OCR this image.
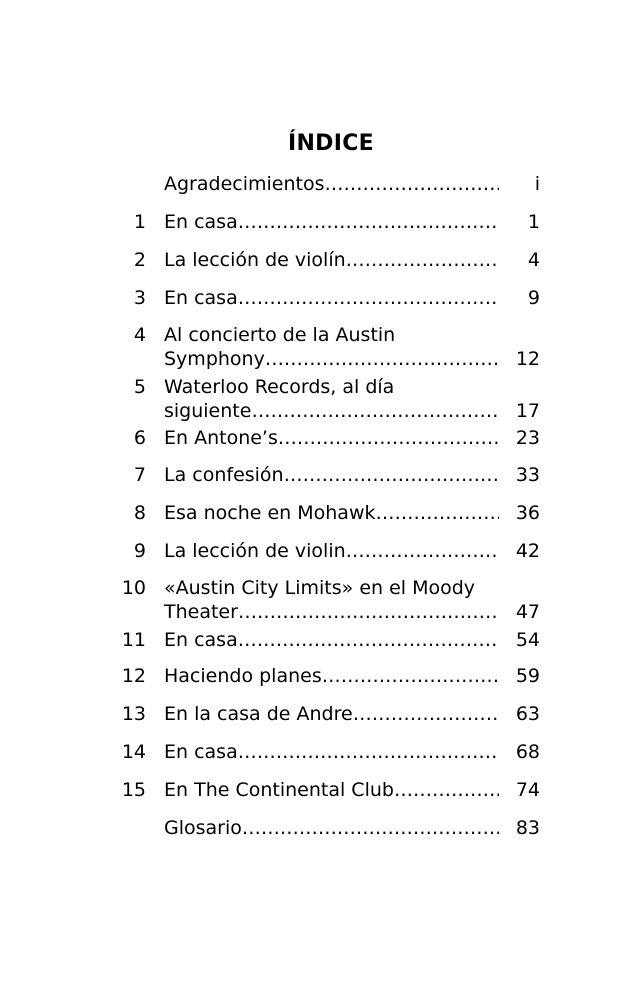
ÍNDICE
Agradecimientos ……………………………………………………………………………	i
1 En casa ……………………………………………………………………………	1
2 La lección de violín ……………………………………………………………………………	4
3 En casa ……………………………………………………………………………	9
4 Al concierto de la Austin
Symphony ……………………………………………………………………………	12
5 Waterloo Records, al día
siguiente ……………………………………………………………………………	17
6 En Antone’s ……………………………………………………………………………	23
7 La confesión ……………………………………………………………………………	33
8 Esa noche en Mohawk ……………………………………………………………………………	36
9 La lección de violin ……………………………………………………………………………	42
10 «Austin City Limits» en el Moody
Theater ……………………………………………………………………………	47
11 En casa ……………………………………………………………………………	54
12 Haciendo planes ……………………………………………………………………………	59
13 En la casa de Andre ……………………………………………………………………………	63
14 En casa ……………………………………………………………………………	68
15 En The Continental Club ……………………………………………………………………………	74
Glosario ……………………………………………………………………………	83
